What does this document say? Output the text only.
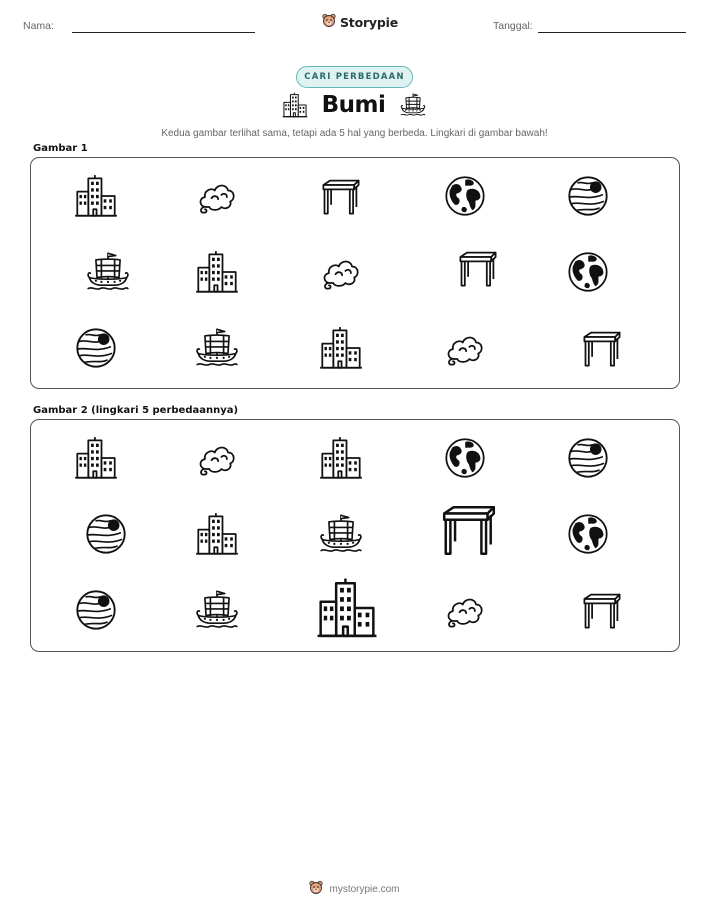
Nama:	Storypie	Tanggal:
CARI PERBEDAAN
Bumi
Kedua gambar terlihat sama, tetapi ada 5 hal yang berbeda. Lingkari di gambar bawah!
Gambar 1
Gambar 2 (lingkari 5 perbedaannya)
mystorypie.com
